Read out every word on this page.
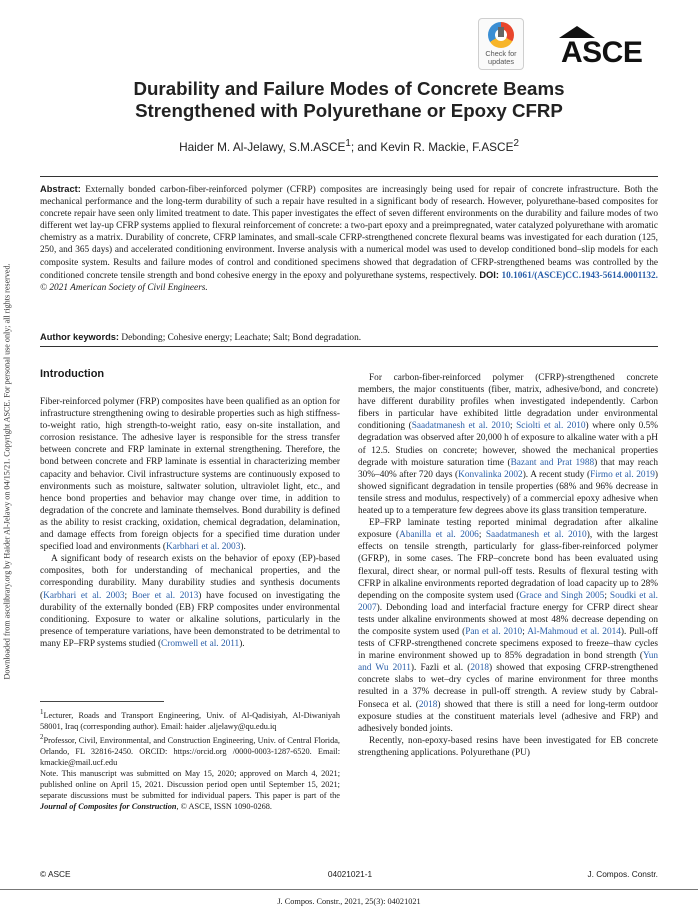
Downloaded from ascelibrary.org by Haider Al-Jelawy on 04/15/21. Copyright ASCE. For personal use only; all rights reserved.
Check for
updates	ASCE
Durability and Failure Modes of Concrete Beams
Strengthened with Polyurethane or Epoxy CFRP
Haider M. Al-Jelawy, S.M.ASCE$^1$; and Kevin R. Mackie, F.ASCE$^2$
Abstract: Externally bonded carbon-fiber-reinforced polymer (CFRP) composites are increasingly being used for repair of concrete infrastructure. Both the mechanical performance and the long-term durability of such a repair have resulted in a significant body of research. However, polyurethane-based composites for concrete repair have seen only limited treatment to date. This paper investigates the effect of seven different environments on the durability and failure modes of two different wet lay-up CFRP systems applied to flexural reinforcement of concrete: a two-part epoxy and a preimpregnated, water catalyzed polyurethane with aromatic chemistry as a matrix. Durability of concrete, CFRP laminates, and small-scale CFRP-strengthened concrete flexural beams was investigated for each duration (125, 250, and 365 days) and accelerated conditioning environment. Inverse analysis with a numerical model was used to develop conditioned bond–slip models for each composite system. Results and failure modes of control and conditioned specimens showed that degradation of CFRP-strengthened beams was controlled by the conditioned concrete tensile strength and bond cohesive energy in the epoxy and polyurethane systems, respectively. DOI: 10.1061/(ASCE)CC.1943-5614.0001132. © 2021 American Society of Civil Engineers.
Author keywords: Debonding; Cohesive energy; Leachate; Salt; Bond degradation.
Introduction

Fiber-reinforced polymer (FRP) composites have been qualified as an option for infrastructure strengthening owing to desirable properties such as high stiffness-to-weight ratio, high strength-to-weight ratio, easy on-site installation, and corrosion resistance. The adhesive layer is responsible for the stress transfer between concrete and FRP laminate in external strengthening. Therefore, the bond between concrete and FRP laminate is essential in characterizing member capacity and behavior. Civil infrastructure systems are continuously exposed to environments such as moisture, saltwater solution, ultraviolet light, etc., and hence bond properties and behavior may change over time, in addition to degradation of the concrete and laminate themselves. Bond durability is defined as the ability to resist cracking, oxidation, chemical degradation, delamination, and damage effects from foreign objects for a specified time duration under specified load and environments (Karbhari et al. 2003).

A significant body of research exists on the behavior of epoxy (EP)-based composites, both for understanding of mechanical properties, and the corresponding durability. Many durability studies and synthesis documents (Karbhari et al. 2003; Boer et al. 2013) have focused on investigating the durability of the externally bonded (EB) FRP composites under environmental conditioning. Exposure to water or alkaline solutions, particularly in the presence of temperature variations, have been demonstrated to be detrimental to many EP–FRP systems studied (Cromwell et al. 2011).

$^1$Lecturer, Roads and Transport Engineering, Univ. of Al-Qadisiyah, Al-Diwaniyah 58001, Iraq (corresponding author). Email: haider .aljelawy@qu.edu.iq

$^2$Professor, Civil, Environmental, and Construction Engineering, Univ. of Central Florida, Orlando, FL 32816-2450. ORCID: https://orcid.org /0000-0003-1287-6520. Email: kmackie@mail.ucf.edu

Note. This manuscript was submitted on May 15, 2020; approved on March 4, 2021; published online on April 15, 2021. Discussion period open until September 15, 2021; separate discussions must be submitted for individual papers. This paper is part of the Journal of Composites for Construction, © ASCE, ISSN 1090-0268.

For carbon-fiber-reinforced polymer (CFRP)-strengthened concrete members, the major constituents (fiber, matrix, adhesive/bond, and concrete) have different durability profiles when investigated independently. Carbon fibers in particular have exhibited little degradation under environmental conditioning (Saadatmanesh et al. 2010; Sciolti et al. 2010) where only 0.5% degradation was observed after 20,000 h of exposure to alkaline water with a pH of 12.5. Studies on concrete; however, showed the mechanical properties degrade with moisture saturation time (Bazant and Prat 1988) that may reach 30%–40% after 720 days (Konvalinka 2002). A recent study (Firmo et al. 2019) showed significant degradation in tensile properties (68% and 96% decrease in tensile stress and modulus, respectively) of a commercial epoxy adhesive when heated up to a temperature few degrees above its glass transition temperature.

EP–FRP laminate testing reported minimal degradation after alkaline exposure (Abanilla et al. 2006; Saadatmanesh et al. 2010), with the largest effects on tensile strength, particularly for glass-fiber-reinforced polymer (GFRP), in some cases. The FRP–concrete bond has been evaluated using flexural, direct shear, or normal pull-off tests. Results of flexural testing with CFRP in alkaline environments reported degradation of load capacity up to 28% depending on the composite system used (Grace and Singh 2005; Soudki et al. 2007). Debonding load and interfacial fracture energy for CFRP direct shear tests under alkaline environments showed at most 48% decrease depending on the composite system used (Pan et al. 2010; Al-Mahmoud et al. 2014). Pull-off tests of CFRP-strengthened concrete specimens exposed to freeze–thaw cycles in marine environment showed up to 85% degradation in bond strength (Yun and Wu 2011). Fazli et al. (2018) showed that exposing CFRP-strengthened concrete slabs to wet–dry cycles of marine environment for three months resulted in a 37% decrease in pull-off strength. A review study by Cabral-Fonseca et al. (2018) showed that there is still a need for long-term outdoor exposure studies at the constituent materials level (adhesive and FRP) and adhesively bonded joints.

Recently, non-epoxy-based resins have been investigated for EB concrete strengthening applications. Polyurethane (PU)

© ASCE	04021021-1	J. Compos. Constr.
J. Compos. Constr., 2021, 25(3): 04021021
